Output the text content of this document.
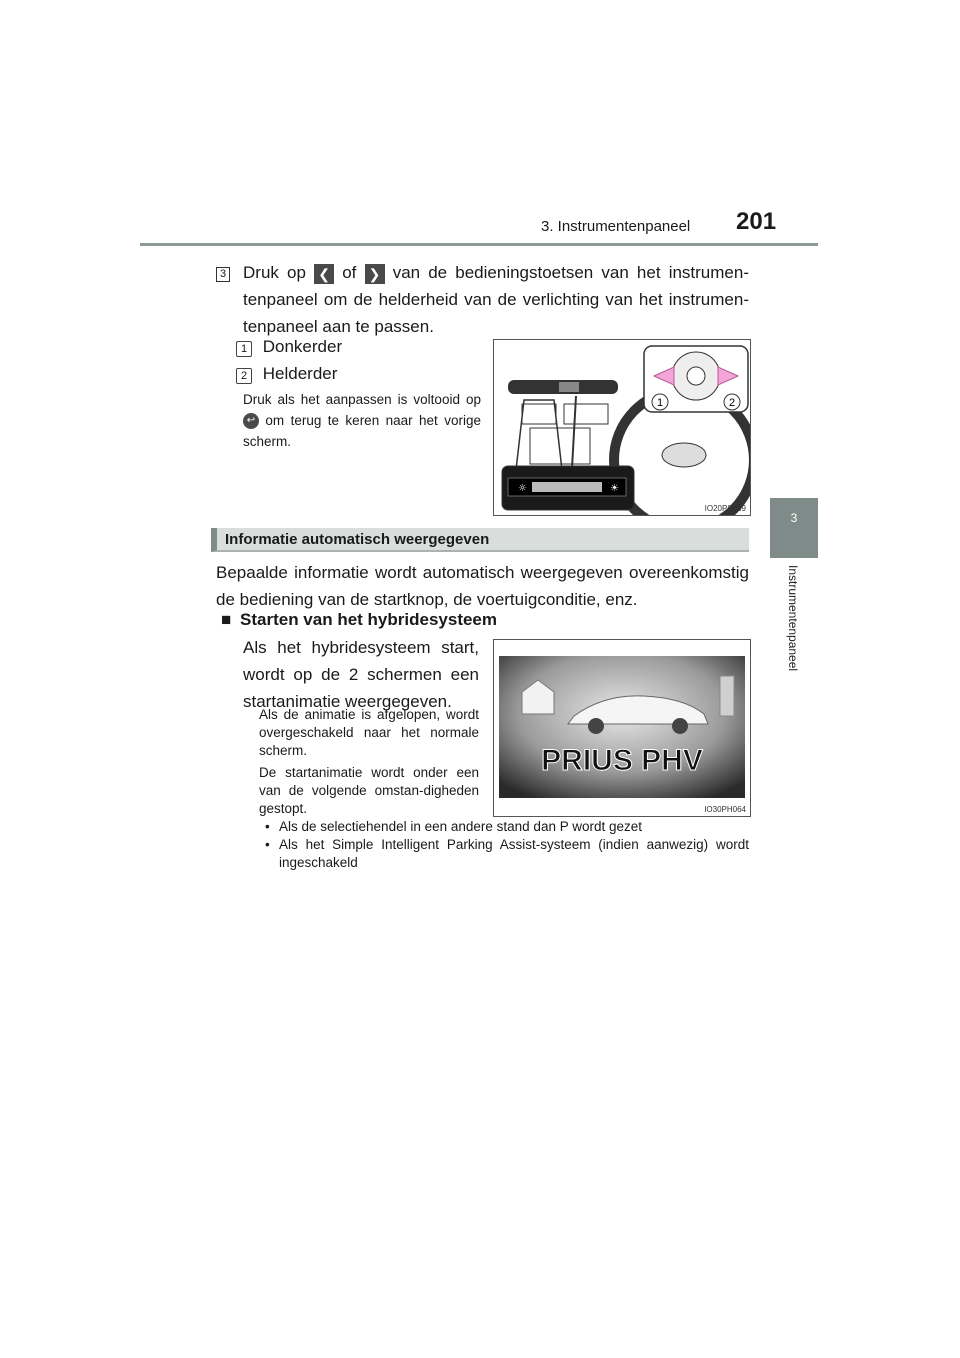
3. Instrumentenpaneel 201
3
Instrumentenpaneel
3 Druk op ❮ of ❯ van de bedieningstoetsen van het instrumen-tenpaneel om de helderheid van de verlichting van het instrumen-tenpaneel aan te passen.
1 Donkerder
2 Helderder
Druk als het aanpassen is voltooid op ↩ om terug te keren naar het vorige scherm.
1	2
☼	☀
IO20PS009
Informatie automatisch weergegeven
Bepaalde informatie wordt automatisch weergegeven overeenkomstig de bediening van de startknop, de voertuigconditie, enz.
■ Starten van het hybridesysteem
Als het hybridesysteem start, wordt op de 2 schermen een startanimatie weergegeven.
Als de animatie is afgelopen, wordt overgeschakeld naar het normale scherm.
De startanimatie wordt onder een van de volgende omstan-digheden gestopt.
• Als de selectiehendel in een andere stand dan P wordt gezet
• Als het Simple Intelligent Parking Assist-systeem (indien aanwezig) wordt ingeschakeld
PRIUS PHV
IO30PH064
